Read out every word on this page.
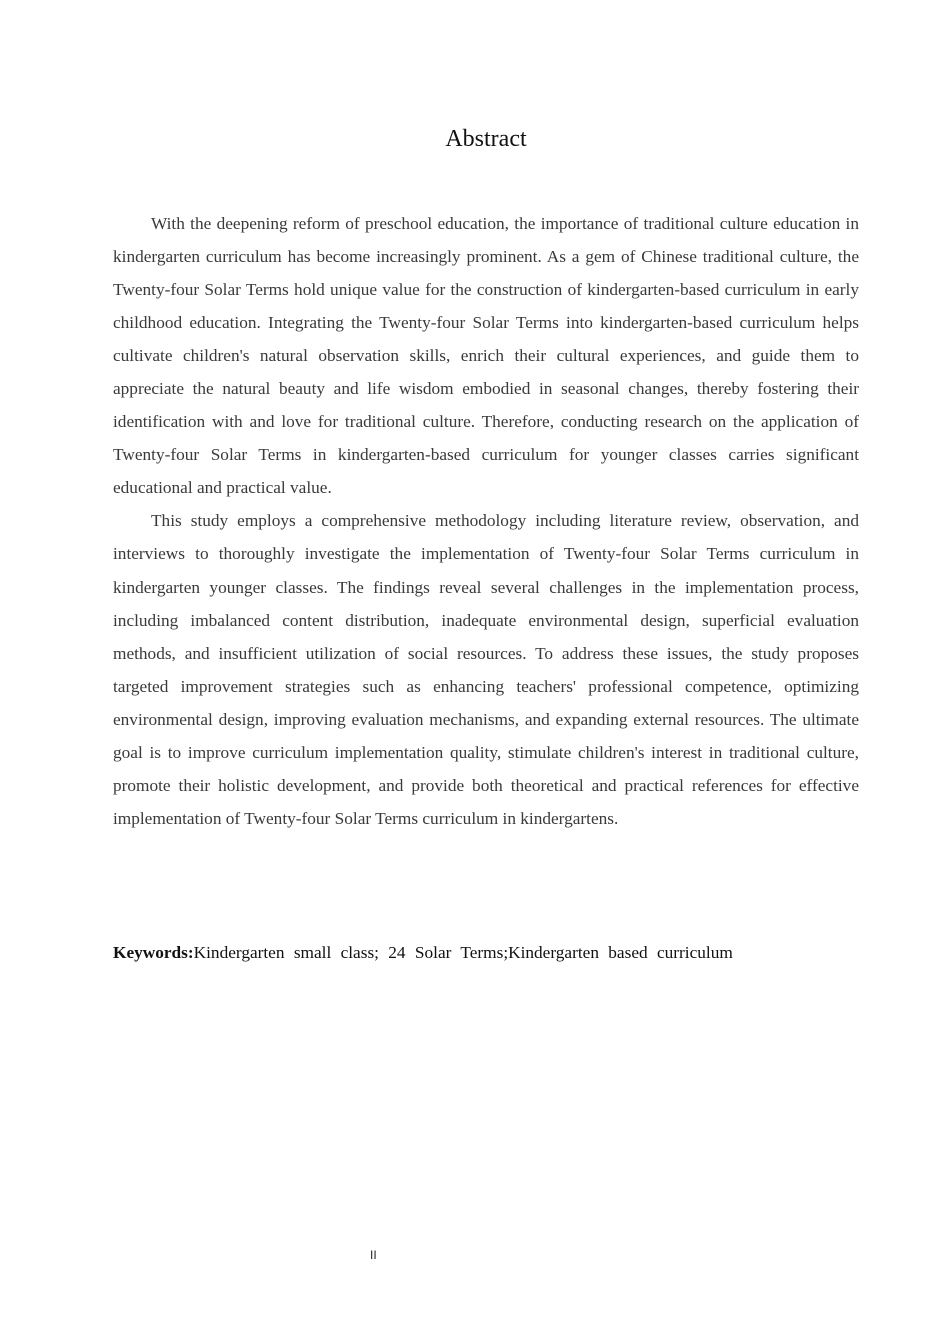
Abstract

With the deepening reform of preschool education, the importance of traditional culture education in kindergarten curriculum has become increasingly prominent. As a gem of Chinese traditional culture, the Twenty-four Solar Terms hold unique value for the construction of kindergarten-based curriculum in early childhood education. Integrating the Twenty-four Solar Terms into kindergarten-based curriculum helps cultivate children's natural observation skills, enrich their cultural experiences, and guide them to appreciate the natural beauty and life wisdom embodied in seasonal changes, thereby fostering their identification with and love for traditional culture. Therefore, conducting research on the application of Twenty-four Solar Terms in kindergarten-based curriculum for younger classes carries significant educational and practical value.

This study employs a comprehensive methodology including literature review, observation, and interviews to thoroughly investigate the implementation of Twenty-four Solar Terms curriculum in kindergarten younger classes. The findings reveal several challenges in the implementation process, including imbalanced content distribution, inadequate environmental design, superficial evaluation methods, and insufficient utilization of social resources. To address these issues, the study proposes targeted improvement strategies such as enhancing teachers' professional competence, optimizing environmental design, improving evaluation mechanisms, and expanding external resources. The ultimate goal is to improve curriculum implementation quality, stimulate children's interest in traditional culture, promote their holistic development, and provide both theoretical and practical references for effective implementation of Twenty-four Solar Terms curriculum in kindergartens.

Keywords:Kindergarten small class; 24 Solar Terms;Kindergarten based curriculum
II
